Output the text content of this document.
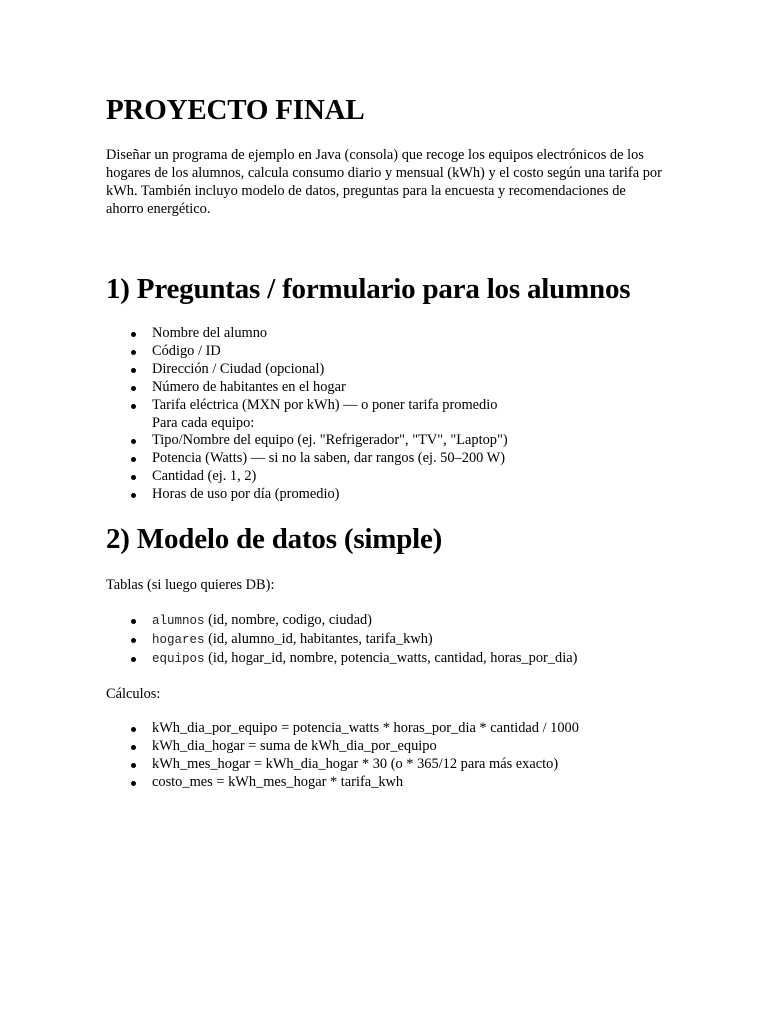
PROYECTO FINAL

Diseñar un programa de ejemplo en Java (consola) que recoge los equipos electrónicos de los hogares de los alumnos, calcula consumo diario y mensual (kWh) y el costo según una tarifa por kWh. También incluyo modelo de datos, preguntas para la encuesta y recomendaciones de ahorro energético.

1) Preguntas / formulario para los alumnos
Nombre del alumno
Código / ID
Dirección / Ciudad (opcional)
Número de habitantes en el hogar
Tarifa eléctrica (MXN por kWh) — o poner tarifa promedio
Para cada equipo:
Tipo/Nombre del equipo (ej. "Refrigerador", "TV", "Laptop")
Potencia (Watts) — si no la saben, dar rangos (ej. 50–200 W)
Cantidad (ej. 1, 2)
Horas de uso por día (promedio)
2) Modelo de datos (simple)

Tablas (si luego quieres DB):

alumnos (id, nombre, codigo, ciudad)
hogares (id, alumno_id, habitantes, tarifa_kwh)
equipos (id, hogar_id, nombre, potencia_watts, cantidad, horas_por_dia)

Cálculos:

kWh_dia_por_equipo = potencia_watts * horas_por_dia * cantidad / 1000
kWh_dia_hogar = suma de kWh_dia_por_equipo
kWh_mes_hogar = kWh_dia_hogar * 30 (o * 365/12 para más exacto)
costo_mes = kWh_mes_hogar * tarifa_kwh
